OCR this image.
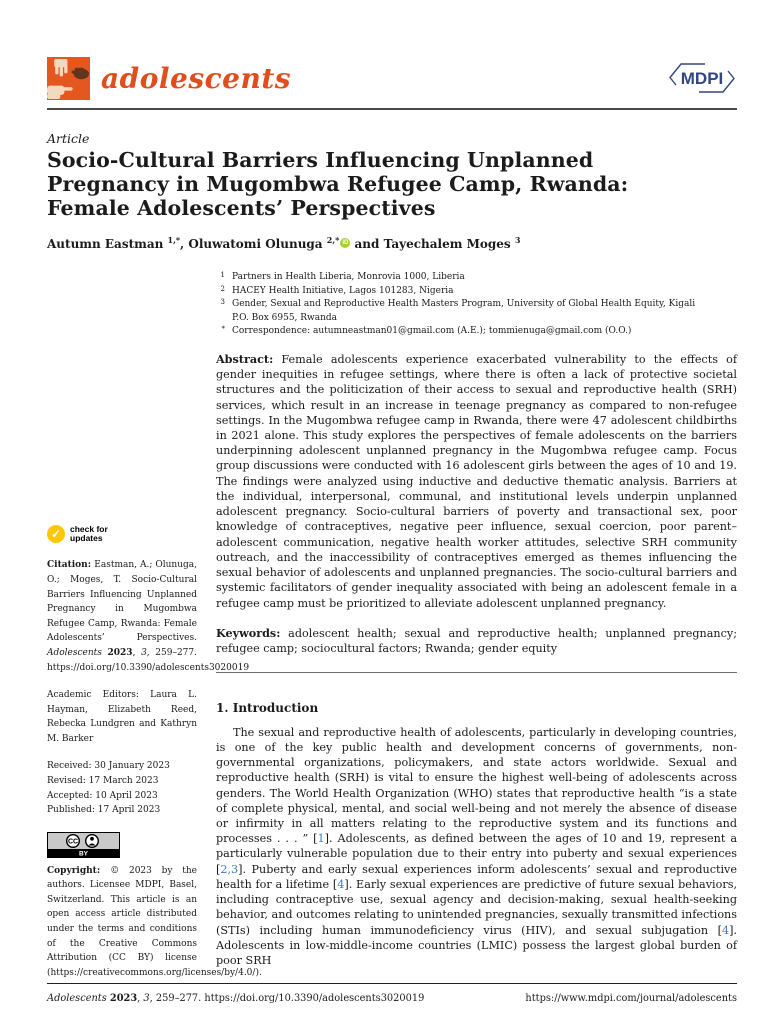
adolescents	MDPI
Article
Socio-Cultural Barriers Influencing Unplanned Pregnancy in Mugombwa Refugee Camp, Rwanda: Female Adolescents’ Perspectives
Autumn Eastman $^{1,*}$, Oluwatomi Olunuga $^{2,*}$ iD and Tayechalem Moges $^3$
1 Partners in Health Liberia, Monrovia 1000, Liberia
2 HACEY Health Initiative, Lagos 101283, Nigeria
3 Gender, Sexual and Reproductive Health Masters Program, University of Global Health Equity, Kigali P.O. Box 6955, Rwanda
* Correspondence: autumneastman01@gmail.com (A.E.); tommienuga@gmail.com (O.O.)
✓	check for
updates
Citation: Eastman, A.; Olunuga, O.; Moges, T. Socio-Cultural Barriers Influencing Unplanned Pregnancy in Mugombwa Refugee Camp, Rwanda: Female Adolescents’ Perspectives. Adolescents 2023, 3, 259–277. https://doi.org/10.3390/adolescents3020019
Academic Editors: Laura L. Hayman, Elizabeth Reed, Rebecka Lundgren and Kathryn M. Barker
Received: 30 January 2023
Revised: 17 March 2023
Accepted: 10 April 2023
Published: 17 April 2023
BY
CC
Copyright: © 2023 by the authors. Licensee MDPI, Basel, Switzerland. This article is an open access article distributed under the terms and conditions of the Creative Commons Attribution (CC BY) license (https://creativecommons.org/licenses/by/4.0/).

Abstract: Female adolescents experience exacerbated vulnerability to the effects of gender inequities in refugee settings, where there is often a lack of protective societal structures and the politicization of their access to sexual and reproductive health (SRH) services, which result in an increase in teenage pregnancy as compared to non-refugee settings. In the Mugombwa refugee camp in Rwanda, there were 47 adolescent childbirths in 2021 alone. This study explores the perspectives of female adolescents on the barriers underpinning adolescent unplanned pregnancy in the Mugombwa refugee camp. Focus group discussions were conducted with 16 adolescent girls between the ages of 10 and 19. The findings were analyzed using inductive and deductive thematic analysis. Barriers at the individual, interpersonal, communal, and institutional levels underpin unplanned adolescent pregnancy. Socio-cultural barriers of poverty and transactional sex, poor knowledge of contraceptives, negative peer influence, sexual coercion, poor parent–adolescent communication, negative health worker attitudes, selective SRH community outreach, and the inaccessibility of contraceptives emerged as themes influencing the sexual behavior of adolescents and unplanned pregnancies. The socio-cultural barriers and systemic facilitators of gender inequality associated with being an adolescent female in a refugee camp must be prioritized to alleviate adolescent unplanned pregnancy.

Keywords: adolescent health; sexual and reproductive health; unplanned pregnancy; refugee camp; sociocultural factors; Rwanda; gender equity

1. Introduction

The sexual and reproductive health of adolescents, particularly in developing countries, is one of the key public health and development concerns of governments, non-governmental organizations, policymakers, and state actors worldwide. Sexual and reproductive health (SRH) is vital to ensure the highest well-being of adolescents across genders. The World Health Organization (WHO) states that reproductive health “is a state of complete physical, mental, and social well-being and not merely the absence of disease or infirmity in all matters relating to the reproductive system and its functions and processes . . . ” [1]. Adolescents, as defined between the ages of 10 and 19, represent a particularly vulnerable population due to their entry into puberty and sexual experiences [2,3]. Puberty and early sexual experiences inform adolescents’ sexual and reproductive health for a lifetime [4]. Early sexual experiences are predictive of future sexual behaviors, including contraceptive use, sexual agency and decision-making, sexual health-seeking behavior, and outcomes relating to unintended pregnancies, sexually transmitted infections (STIs) including human immunodeficiency virus (HIV), and sexual subjugation [4]. Adolescents in low-middle-income countries (LMIC) possess the largest global burden of poor SRH

Adolescents 2023, 3, 259–277. https://doi.org/10.3390/adolescents3020019	https://www.mdpi.com/journal/adolescents
